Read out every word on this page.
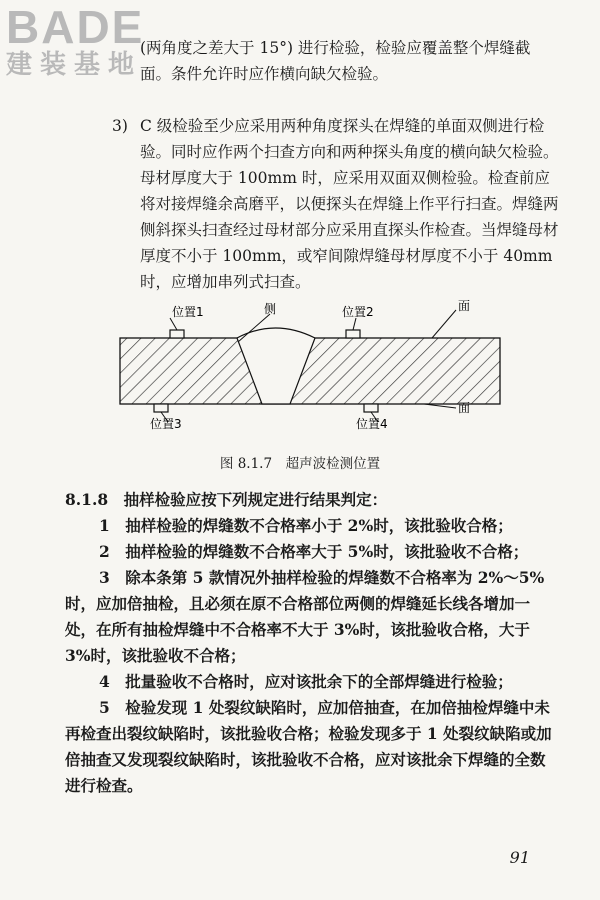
BADE
建装基地
(两角度之差大于 15°) 进行检验，检验应覆盖整个焊缝截面。条件允许时应作横向缺欠检验。
3) C 级检验至少应采用两种角度探头在焊缝的单面双侧进行检验。同时应作两个扫查方向和两种探头角度的横向缺欠检验。母材厚度大于 100mm 时，应采用双面双侧检验。检查前应将对接焊缝余高磨平，以便探头在焊缝上作平行扫查。焊缝两侧斜探头扫查经过母材部分应采用直探头作检查。当焊缝母材厚度不小于 100mm，或窄间隙焊缝母材厚度不小于 40mm 时，应增加串列式扫查。
位置1	位置2
位置3	位置4
侧	面
面
图 8.1.7　超声波检测位置
8.1.8　抽样检验应按下列规定进行结果判定：
1　抽样检验的焊缝数不合格率小于 2%时，该批验收合格；
2　抽样检验的焊缝数不合格率大于 5%时，该批验收不合格；
3　除本条第 5 款情况外抽样检验的焊缝数不合格率为 2%～5%时，应加倍抽检，且必须在原不合格部位两侧的焊缝延长线各增加一处，在所有抽检焊缝中不合格率不大于 3%时，该批验收合格，大于 3%时，该批验收不合格；
4　批量验收不合格时，应对该批余下的全部焊缝进行检验；
5　检验发现 1 处裂纹缺陷时，应加倍抽查，在加倍抽检焊缝中未再检查出裂纹缺陷时，该批验收合格；检验发现多于 1 处裂纹缺陷或加倍抽查又发现裂纹缺陷时，该批验收不合格，应对该批余下焊缝的全数进行检查。
91
